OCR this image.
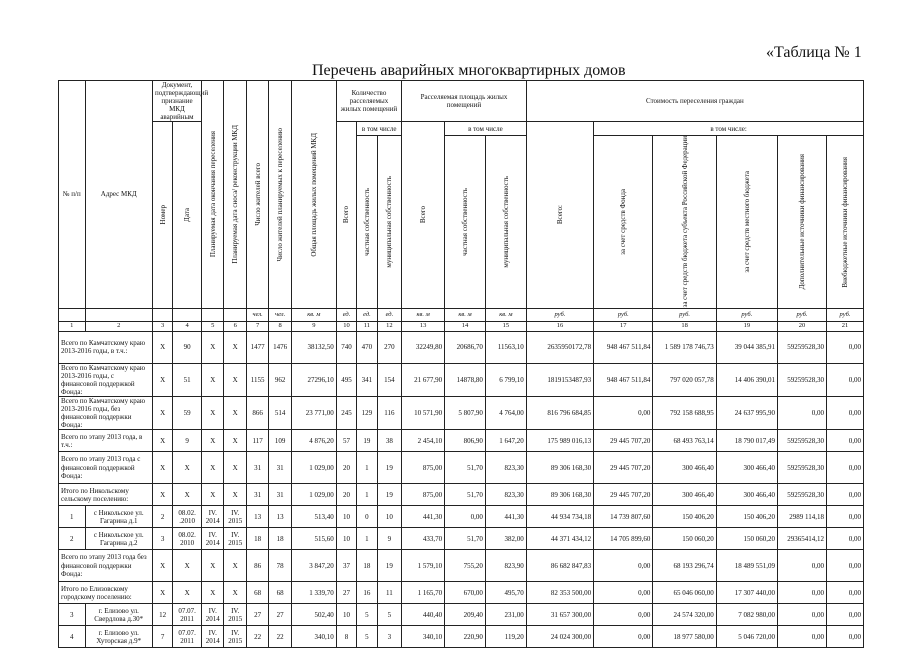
«Таблица № 1
Перечень аварийных многоквартирных домов
№ п/п	Адрес МКД	Документ, подтверждающий признание МКД аварийным		Планируемая дата окончания переселения	Планируемая дата сноса/ реконструкции МКД	Число жителей всего	Число жителей планируемых к переселению	Общая площадь жилых помещений МКД	Количество расселяемых жилых помещений			Расселяемая площадь жилых помещений			Стоимость переселения граждан					

		Номер	Дата						Всего	в том числе		Всего	в том числе		Всего:	в том числе:				

										частная собственность	муниципальная собственность		частная собственность	муниципальная собственность		за счет средств Фонда	за счет средств бюджета субъекта Российской Федерации	за счет средств местного бюджета	Дополнительные источники финансирования	Внебюджетные источники финансирования

						чел.	чел.	кв. м	ед.	ед.	ед.	кв. м	кв. м	кв. м	руб.	руб.	руб.	руб.	руб.	руб.
1	2	3	4	5	6	7	8	9	10	11	12	13	14	15	16	17	18	19	20	21
Всего по Камчатскому краю 2013-2016 годы, в т.ч.:		X	90	X	X	1477	1476	38132,50	740	470	270	32249,80	20686,70	11563,10	2635950172,78	948 467 511,84	1 589 178 746,73	39 044 385,91	59259528,30	0,00
Всего по Камчатскому краю 2013-2016 годы, с финансовой поддержкой Фонда:		X	51	X	X	1155	962	27296,10	495	341	154	21 677,90	14878,80	6 799,10	1819153487,93	948 467 511,84	797 020 057,78	14 406 390,01	59259528,30	0,00
Всего по Камчатскому краю 2013-2016 годы, без финансовой поддержки Фонда:		X	59	X	X	866	514	23 771,00	245	129	116	10 571,90	5 807,90	4 764,00	816 796 684,85	0,00	792 158 688,95	24 637 995,90	0,00	0,00
Всего по этапу 2013 года, в т.ч.:		X	9	X	X	117	109	4 876,20	57	19	38	2 454,10	806,90	1 647,20	175 989 016,13	29 445 707,20	68 493 763,14	18 790 017,49	59259528,30	0,00
Всего по этапу 2013 года с финансовой поддержкой Фонда:		X	X	X	X	31	31	1 029,00	20	1	19	875,00	51,70	823,30	89 306 168,30	29 445 707,20	300 466,40	300 466,40	59259528,30	0,00
Итого по Никольскому сельскому поселению:		X	X	X	X	31	31	1 029,00	20	1	19	875,00	51,70	823,30	89 306 168,30	29 445 707,20	300 466,40	300 466,40	59259528,30	0,00
1	с Никольское ул. Гагарина д.1	2	08.02. .2010	IV. 2014	IV. 2015	13	13	513,40	10	0	10	441,30	0,00	441,30	44 934 734,18	14 739 807,60	150 406,20	150 406,20	2989 114,18	0,00
2	с Никольское ул. Гагарина д.2	3	08.02. 2010	IV. 2014	IV. 2015	18	18	515,60	10	1	9	433,70	51,70	382,00	44 371 434,12	14 705 899,60	150 060,20	150 060,20	29365414,12	0,00
Всего по этапу 2013 года без финансовой поддержки Фонда:		X	X	X	X	86	78	3 847,20	37	18	19	1 579,10	755,20	823,90	86 682 847,83	0,00	68 193 296,74	18 489 551,09	0,00	0,00
Итого по Елизовскому городскому поселению:		X	X	X	X	68	68	1 339,70	27	16	11	1 165,70	670,00	495,70	82 353 500,00	0,00	65 046 060,00	17 307 440,00	0,00	0,00
3	г. Елизово ул. Свердлова д.30*	12	07.07. 2011	IV. 2014	IV. 2015	27	27	502,40	10	5	5	440,40	209,40	231,00	31 657 300,00	0,00	24 574 320,00	7 082 980,00	0,00	0,00
4	г. Елизово ул. Хуторская д.9*	7	07.07. 2011	IV. 2014	IV. 2015	22	22	340,10	8	5	3	340,10	220,90	119,20	24 024 300,00	0,00	18 977 580,00	5 046 720,00	0,00	0,00
